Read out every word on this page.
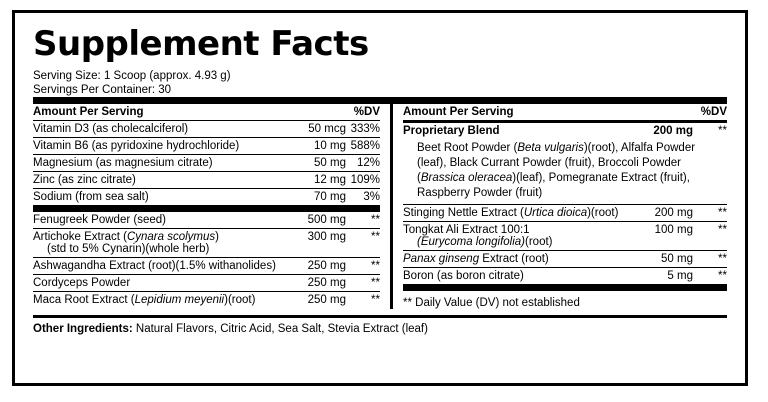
Supplement Facts
Serving Size: 1 Scoop (approx. 4.93 g)
Servings Per Container: 30
Amount Per Serving		%DV
Vitamin D3 (as cholecalciferol)	50 mcg	333%
Vitamin B6 (as pyridoxine hydrochloride)	10 mg	588%
Magnesium (as magnesium citrate)	50 mg	12%
Zinc (as zinc citrate)	12 mg	109%
Sodium (from sea salt)	70 mg	3%
Fenugreek Powder (seed)	500 mg	**
Artichoke Extract (Cynara scolymus)
(std to 5% Cynarin)(whole herb)	300 mg	**
Ashwagandha Extract (root)(1.5% withanolides)	250 mg	**
Cordyceps Powder	250 mg	**
Maca Root Extract (Lepidium meyenii)(root)	250 mg	**
Amount Per Serving		%DV
Proprietary Blend	200 mg	**
Beet Root Powder (Beta vulgaris)(root), Alfalfa Powder (leaf), Black Currant Powder (fruit), Broccoli Powder (Brassica oleracea)(leaf), Pomegranate Extract (fruit), Raspberry Powder (fruit)
Stinging Nettle Extract (Urtica dioica)(root)	200 mg	**
Tongkat Ali Extract 100:1
(Eurycoma longifolia)(root)	100 mg	**
Panax ginseng Extract (root)	50 mg	**
Boron (as boron citrate)	5 mg	**
** Daily Value (DV) not established
Other Ingredients: Natural Flavors, Citric Acid, Sea Salt, Stevia Extract (leaf)
